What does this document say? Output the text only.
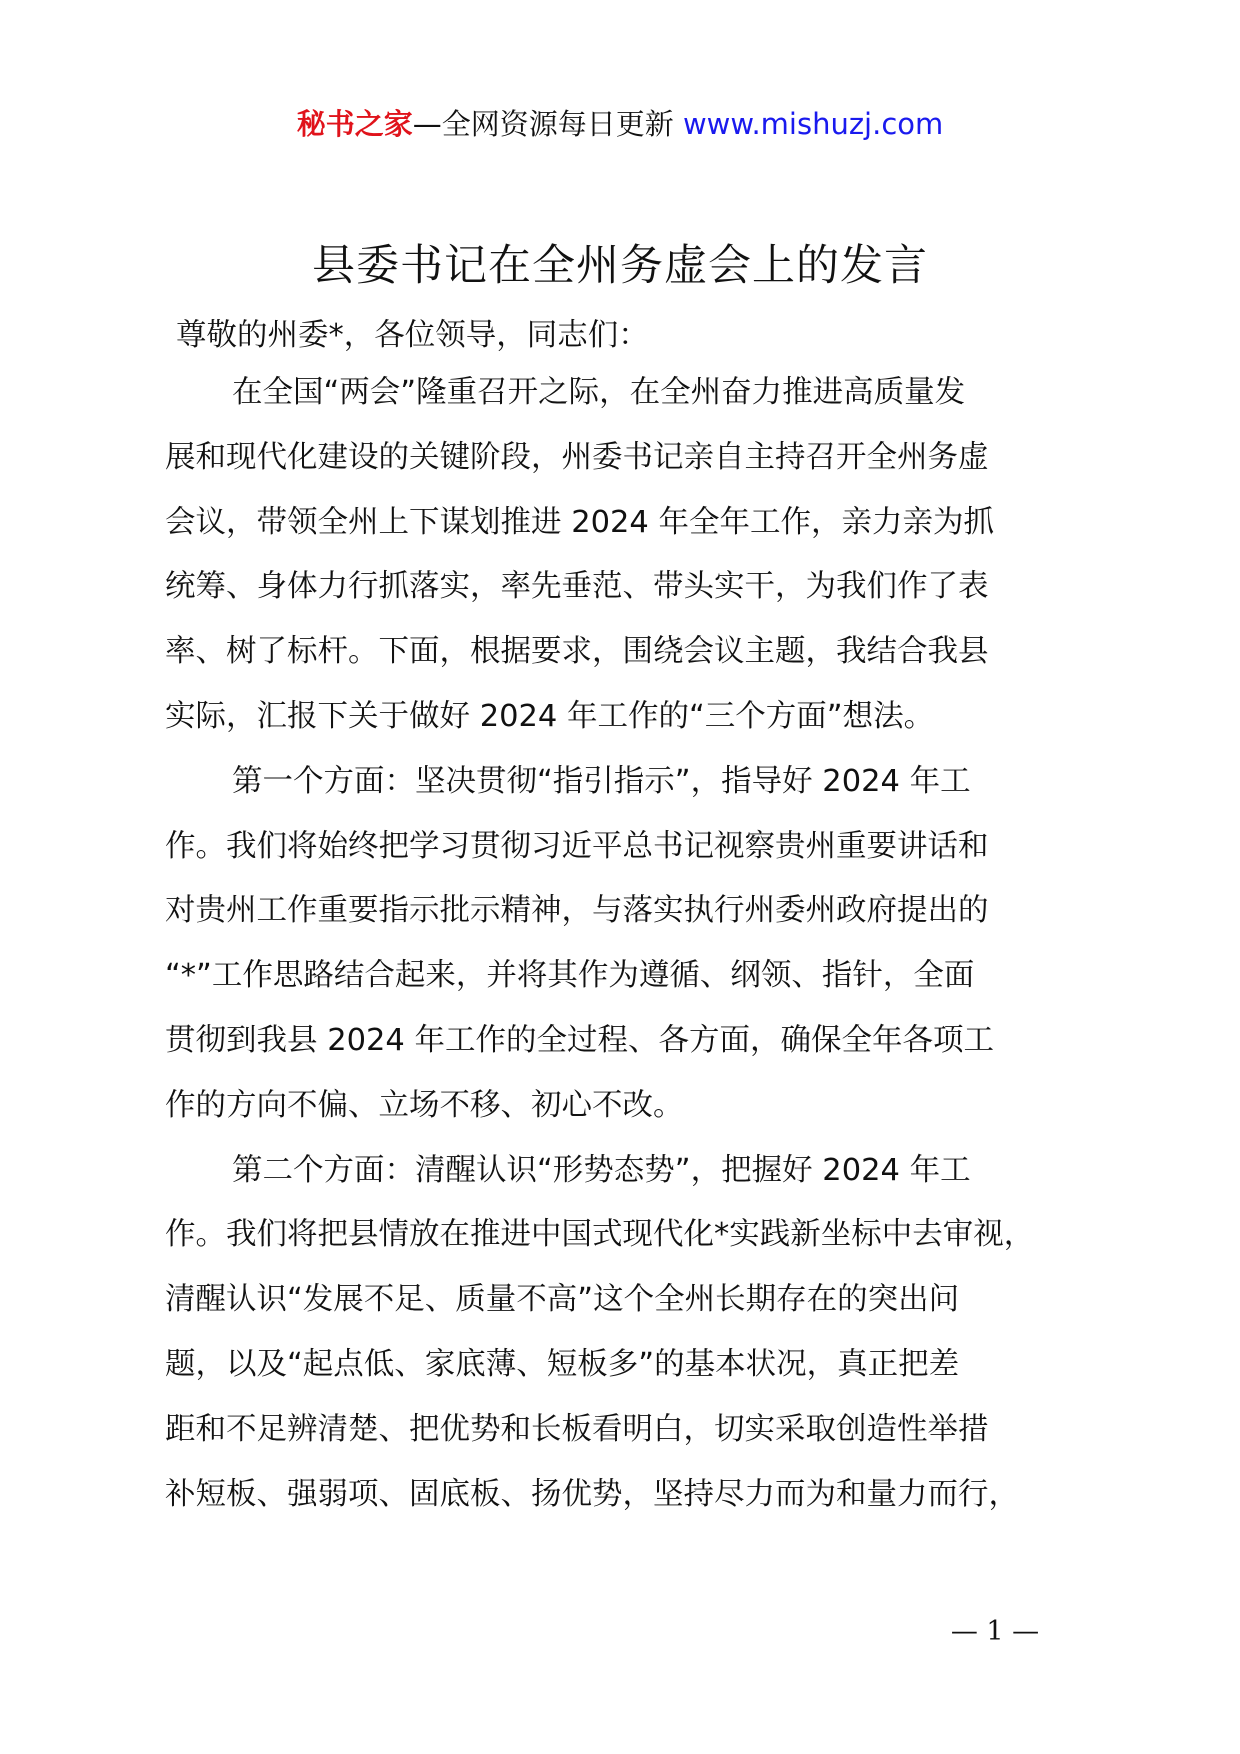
秘书之家—全网资源每日更新 www.mishuzj.com
县委书记在全州务虚会上的发言
尊敬的州委*，各位领导，同志们：
在全国“两会”隆重召开之际，在全州奋力推进高质量发
展和现代化建设的关键阶段，州委书记亲自主持召开全州务虚
会议，带领全州上下谋划推进 2024 年全年工作，亲力亲为抓
统筹、身体力行抓落实，率先垂范、带头实干，为我们作了表
率、树了标杆。下面，根据要求，围绕会议主题，我结合我县
实际，汇报下关于做好 2024 年工作的“三个方面”想法。
第一个方面：坚决贯彻“指引指示”，指导好 2024 年工
作。我们将始终把学习贯彻习近平总书记视察贵州重要讲话和
对贵州工作重要指示批示精神，与落实执行州委州政府提出的
“*”工作思路结合起来，并将其作为遵循、纲领、指针，全面
贯彻到我县 2024 年工作的全过程、各方面，确保全年各项工
作的方向不偏、立场不移、初心不改。
第二个方面：清醒认识“形势态势”，把握好 2024 年工
作。我们将把县情放在推进中国式现代化*实践新坐标中去审视，
清醒认识“发展不足、质量不高”这个全州长期存在的突出问
题，以及“起点低、家底薄、短板多”的基本状况，真正把差
距和不足辨清楚、把优势和长板看明白，切实采取创造性举措
补短板、强弱项、固底板、扬优势，坚持尽力而为和量力而行，
— 1 —
